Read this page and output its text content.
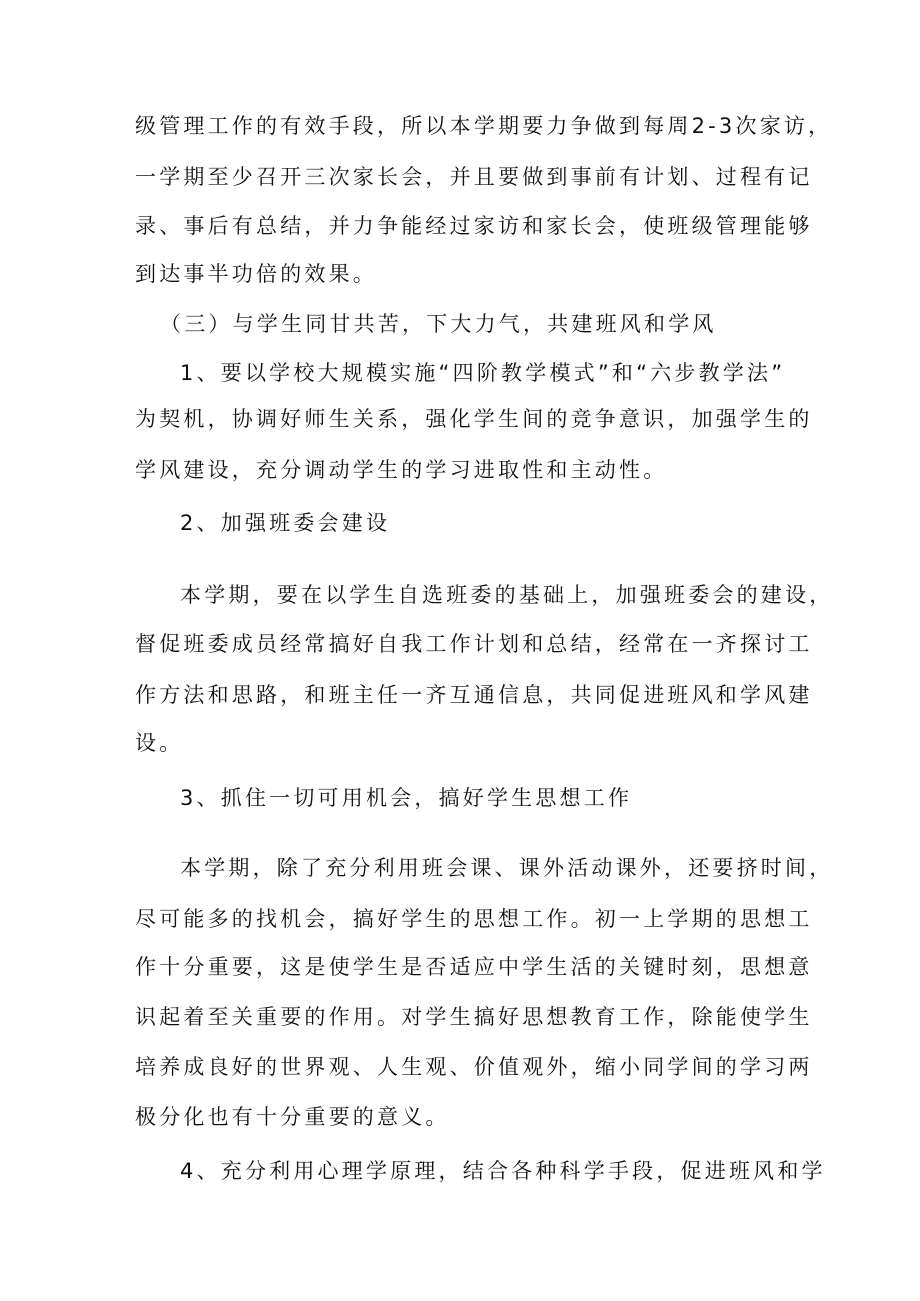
级管理工作的有效手段，所以本学期要力争做到每周2-3次家访，
一学期至少召开三次家长会，并且要做到事前有计划、过程有记
录、事后有总结，并力争能经过家访和家长会，使班级管理能够
到达事半功倍的效果。
（三）与学生同甘共苦，下大力气，共建班风和学风
1、要以学校大规模实施“四阶教学模式”和“六步教学法”
为契机，协调好师生关系，强化学生间的竞争意识，加强学生的
学风建设，充分调动学生的学习进取性和主动性。
2、加强班委会建设
本学期，要在以学生自选班委的基础上，加强班委会的建设，
督促班委成员经常搞好自我工作计划和总结，经常在一齐探讨工
作方法和思路，和班主任一齐互通信息，共同促进班风和学风建
设。
3、抓住一切可用机会，搞好学生思想工作
本学期，除了充分利用班会课、课外活动课外，还要挤时间，
尽可能多的找机会，搞好学生的思想工作。初一上学期的思想工
作十分重要，这是使学生是否适应中学生活的关键时刻，思想意
识起着至关重要的作用。对学生搞好思想教育工作，除能使学生
培养成良好的世界观、人生观、价值观外，缩小同学间的学习两
极分化也有十分重要的意义。
4、充分利用心理学原理，结合各种科学手段，促进班风和学
